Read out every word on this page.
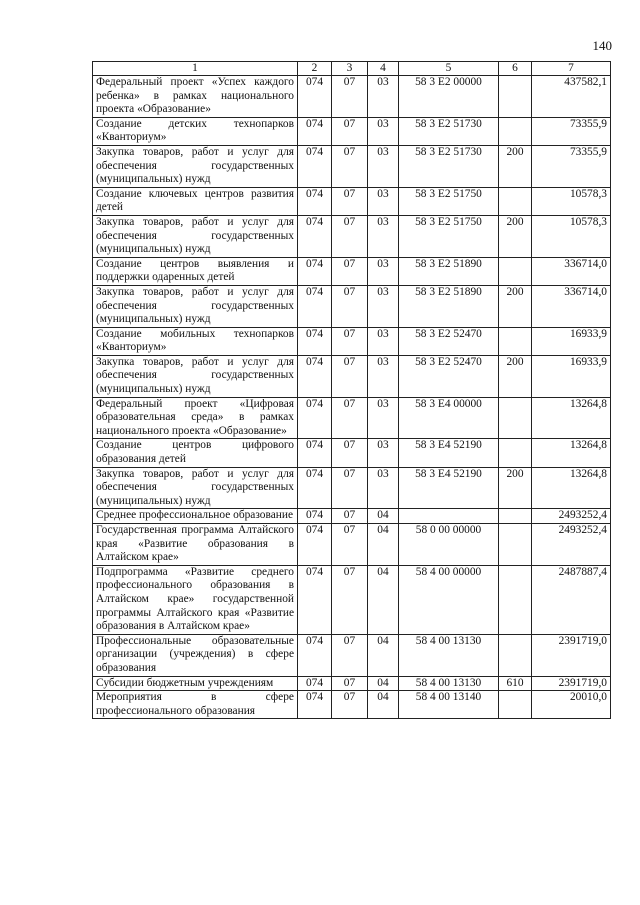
140
1	2	3	4	5	6	7
Федеральный проект «Успех каждого ребенка» в рамках национального проекта «Образование»	074	07	03	58 3 E2 00000		437582,1
Создание детских технопарков «Кванториум»	074	07	03	58 3 E2 51730		73355,9
Закупка товаров, работ и услуг для обеспечения государственных (муниципальных) нужд	074	07	03	58 3 E2 51730	200	73355,9
Создание ключевых центров развития детей	074	07	03	58 3 E2 51750		10578,3
Закупка товаров, работ и услуг для обеспечения государственных (муниципальных) нужд	074	07	03	58 3 E2 51750	200	10578,3
Создание центров выявления и поддержки одаренных детей	074	07	03	58 3 E2 51890		336714,0
Закупка товаров, работ и услуг для обеспечения государственных (муниципальных) нужд	074	07	03	58 3 E2 51890	200	336714,0
Создание мобильных технопарков «Кванториум»	074	07	03	58 3 E2 52470		16933,9
Закупка товаров, работ и услуг для обеспечения государственных (муниципальных) нужд	074	07	03	58 3 E2 52470	200	16933,9
Федеральный проект «Цифровая образовательная среда» в рамках национального проекта «Образование»	074	07	03	58 3 E4 00000		13264,8
Создание центров цифрового образования детей	074	07	03	58 3 E4 52190		13264,8
Закупка товаров, работ и услуг для обеспечения государственных (муниципальных) нужд	074	07	03	58 3 E4 52190	200	13264,8
Среднее профессиональное образование	074	07	04			2493252,4
Государственная программа Алтайского края «Развитие образования в Алтайском крае»	074	07	04	58 0 00 00000		2493252,4
Подпрограмма «Развитие среднего профессионального образования в Алтайском крае» государственной программы Алтайского края «Развитие образования в Алтайском крае»	074	07	04	58 4 00 00000		2487887,4
Профессиональные образовательные организации (учреждения) в сфере образования	074	07	04	58 4 00 13130		2391719,0
Субсидии бюджетным учреждениям	074	07	04	58 4 00 13130	610	2391719,0
Мероприятия в сфере профессионального образования	074	07	04	58 4 00 13140		20010,0
